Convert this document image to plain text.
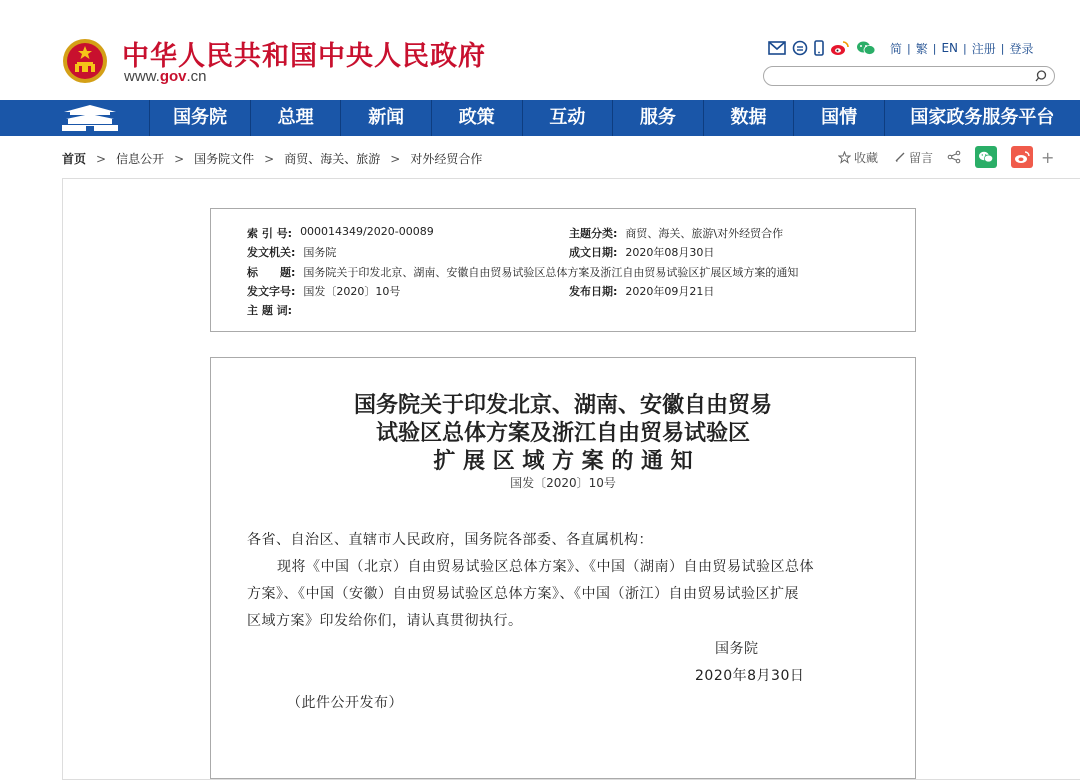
中华人民共和国中央人民政府
www.gov.cn
简 | 繁 | EN | 注册 | 登录
国务院	总理	新闻	政策	互动	服务	数据	国情	国家政务服务平台
首页 > 信息公开 > 国务院文件 > 商贸、海关、旅游 > 对外经贸合作	收藏	留言	+
索 引 号: 000014349/2020-00089	主题分类: 商贸、海关、旅游\对外经贸合作
发文机关: 国务院	成文日期: 2020年08月30日
标　　题: 国务院关于印发北京、湖南、安徽自由贸易试验区总体方案及浙江自由贸易试验区扩展区域方案的通知
发文字号: 国发〔2020〕10号	发布日期: 2020年09月21日
主 题 词:
国务院关于印发北京、湖南、安徽自由贸易
试验区总体方案及浙江自由贸易试验区
扩 展 区 域 方 案 的 通 知
国发〔2020〕10号
各省、自治区、直辖市人民政府，国务院各部委、各直属机构：
现将《中国（北京）自由贸易试验区总体方案》、《中国（湖南）自由贸易试验区总体
方案》、《中国（安徽）自由贸易试验区总体方案》、《中国（浙江）自由贸易试验区扩展
区域方案》印发给你们，请认真贯彻执行。
国务院
2020年8月30日
（此件公开发布）
